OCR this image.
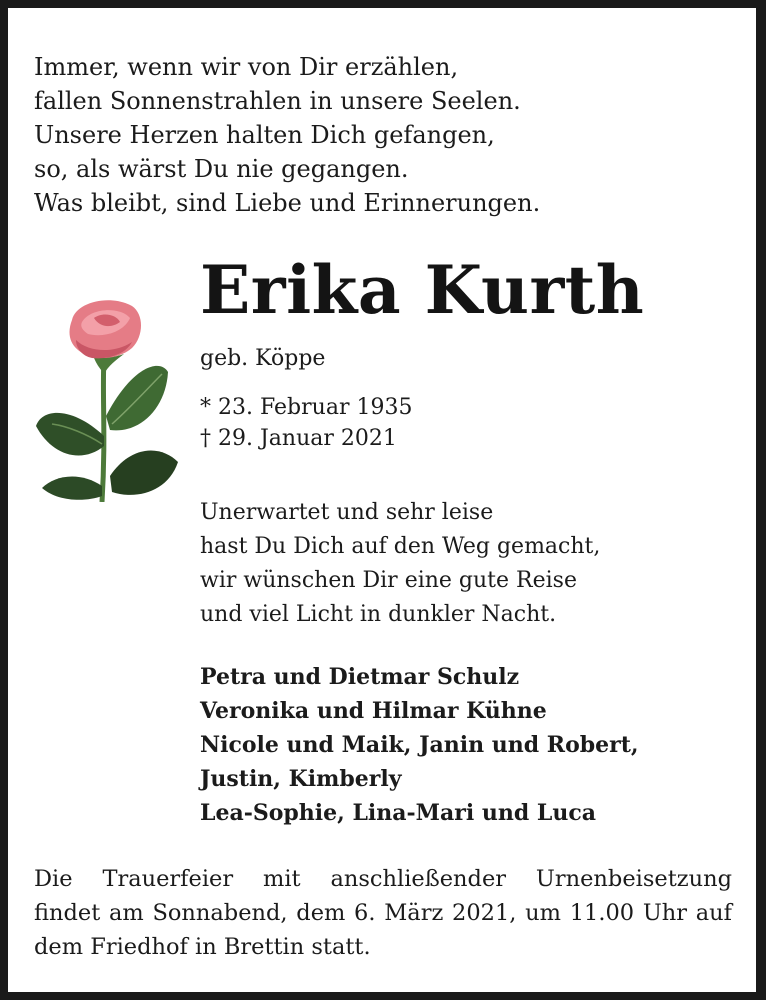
Immer, wenn wir von Dir erzählen,
fallen Sonnenstrahlen in unsere Seelen.
Unsere Herzen halten Dich gefangen,
so, als wärst Du nie gegangen.
Was bleibt, sind Liebe und Erinnerungen.
Erika Kurth
geb. Köppe
* 23. Februar 1935
† 29. Januar 2021
Unerwartet und sehr leise
hast Du Dich auf den Weg gemacht,
wir wünschen Dir eine gute Reise
und viel Licht in dunkler Nacht.
Petra und Dietmar Schulz
Veronika und Hilmar Kühne
Nicole und Maik, Janin und Robert,
Justin, Kimberly
Lea-Sophie, Lina-Mari und Luca
Die Trauerfeier mit anschließender Urnenbeisetzung
findet am Sonnabend, dem 6. März 2021, um 11.00 Uhr auf
dem Friedhof in Brettin statt.
